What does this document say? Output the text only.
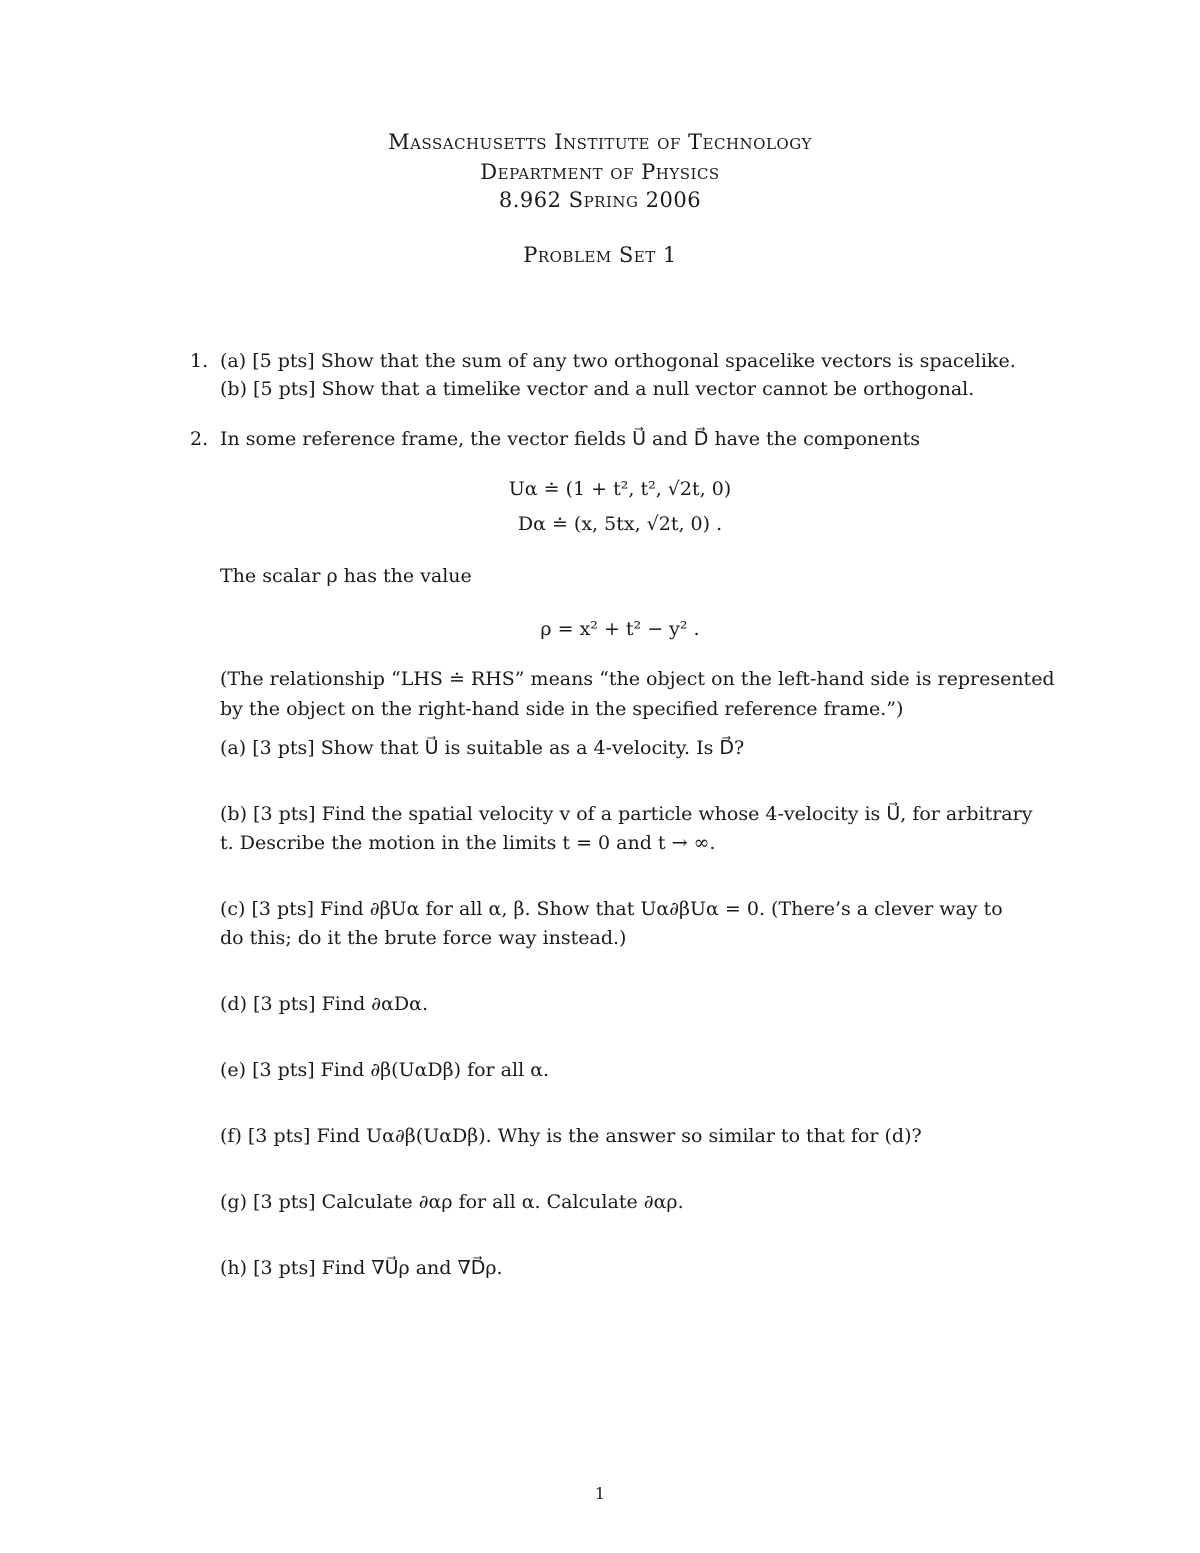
Massachusetts Institute of Technology
Department of Physics
8.962 Spring 2006
Problem Set 1
1. (a) [5 pts] Show that the sum of any two orthogonal spacelike vectors is spacelike.
(b) [5 pts] Show that a timelike vector and a null vector cannot be orthogonal.
2. In some reference frame, the vector fields U⃗ and D⃗ have the components
Uα ≐ (1 + t², t², √2t, 0)
Dα ≐ (x, 5tx, √2t, 0) .
The scalar ρ has the value
ρ = x² + t² − y² .
(The relationship “LHS ≐ RHS” means “the object on the left-hand side is represented
by the object on the right-hand side in the specified reference frame.”)
(a) [3 pts] Show that U⃗ is suitable as a 4-velocity. Is D⃗?
(b) [3 pts] Find the spatial velocity v of a particle whose 4-velocity is U⃗, for arbitrary
t. Describe the motion in the limits t = 0 and t → ∞.
(c) [3 pts] Find ∂βUα for all α, β. Show that Uα∂βUα = 0. (There’s a clever way to
do this; do it the brute force way instead.)
(d) [3 pts] Find ∂αDα.
(e) [3 pts] Find ∂β(UαDβ) for all α.
(f) [3 pts] Find Uα∂β(UαDβ). Why is the answer so similar to that for (d)?
(g) [3 pts] Calculate ∂αρ for all α. Calculate ∂αρ.
(h) [3 pts] Find ∇U⃗ρ and ∇D⃗ρ.
1
